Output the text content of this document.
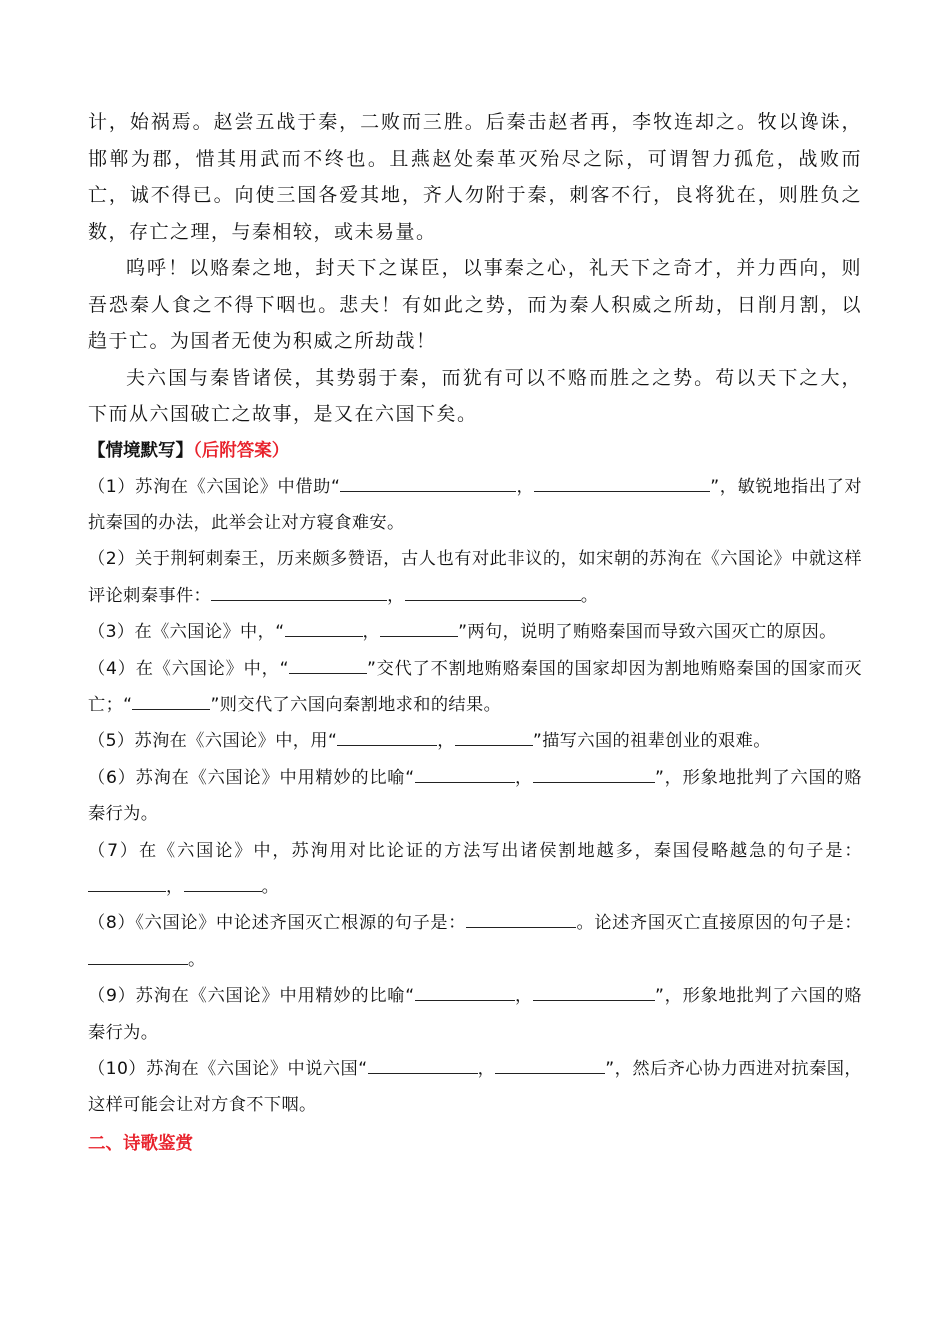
计，始祸焉。赵尝五战于秦，二败而三胜。后秦击赵者再，李牧连却之。牧以谗诛，邯郸为郡，惜其用武而不终也。且燕赵处秦革灭殆尽之际，可谓智力孤危，战败而亡，诚不得已。向使三国各爱其地，齐人勿附于秦，刺客不行，良将犹在，则胜负之数，存亡之理，与秦相较，或未易量。

呜呼！以赂秦之地，封天下之谋臣，以事秦之心，礼天下之奇才，并力西向，则吾恐秦人食之不得下咽也。悲夫！有如此之势，而为秦人积威之所劫，日削月割，以趋于亡。为国者无使为积威之所劫哉！

夫六国与秦皆诸侯，其势弱于秦，而犹有可以不赂而胜之之势。苟以天下之大，下而从六国破亡之故事，是又在六国下矣。

【情境默写】（后附答案）

（1）苏洵在《六国论》中借助“	，	”，敏锐地指出了对抗秦国的办法，此举会让对方寝食难安。

（2）关于荆轲刺秦王，历来颇多赞语，古人也有对此非议的，如宋朝的苏洵在《六国论》中就这样评论刺秦事件：	，	。

（3）在《六国论》中，“	，	”两句，说明了贿赂秦国而导致六国灭亡的原因。

（4）在《六国论》中，“	”交代了不割地贿赂秦国的国家却因为割地贿赂秦国的国家而灭亡；“	”则交代了六国向秦割地求和的结果。

（5）苏洵在《六国论》中，用“	，	”描写六国的祖辈创业的艰难。

（6）苏洵在《六国论》中用精妙的比喻“	，	”，形象地批判了六国的赂秦行为。

（7）在《六国论》中，苏洵用对比论证的方法写出诸侯割地越多，秦国侵略越急的句子是：，	。

（8）《六国论》中论述齐国灭亡根源的句子是：	。论述齐国灭亡直接原因的句子是：。

（9）苏洵在《六国论》中用精妙的比喻“	，	”，形象地批判了六国的赂秦行为。

（10）苏洵在《六国论》中说六国“	，	”，然后齐心协力西进对抗秦国，这样可能会让对方食不下咽。

二、诗歌鉴赏
